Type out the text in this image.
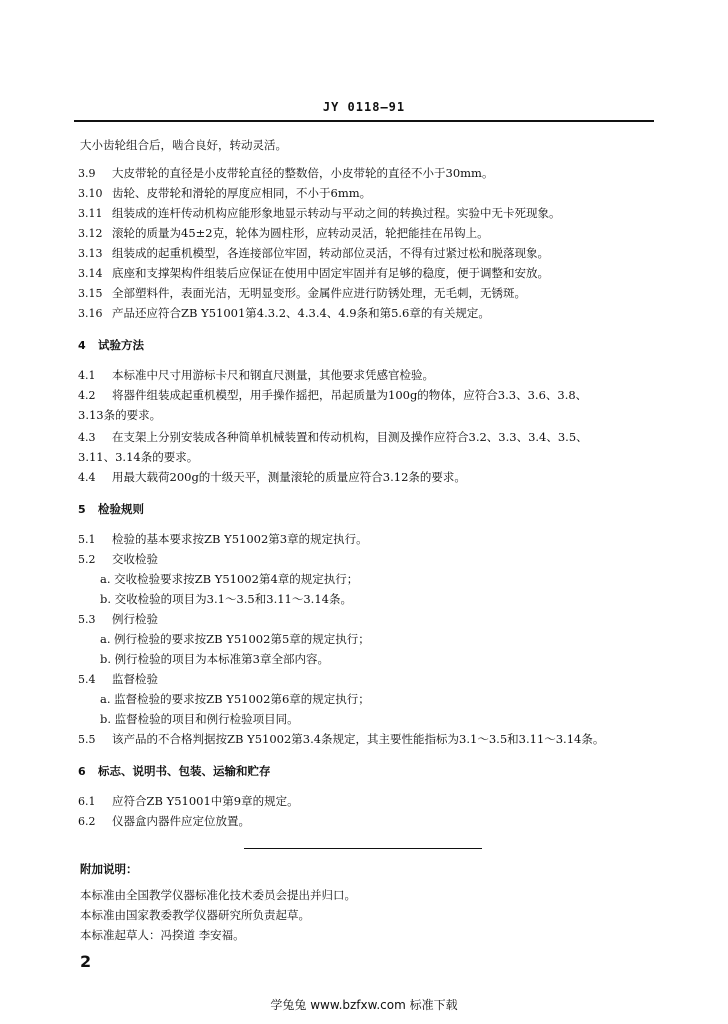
JY 0118—91
大小齿轮组合后，啮合良好，转动灵活。
3.9 大皮带轮的直径是小皮带轮直径的整数倍，小皮带轮的直径不小于30mm。
3.10 齿轮、皮带轮和滑轮的厚度应相同，不小于6mm。
3.11 组装成的连杆传动机构应能形象地显示转动与平动之间的转换过程。实验中无卡死现象。
3.12 滚轮的质量为45±2克，轮体为圆柱形，应转动灵活，轮把能挂在吊钩上。
3.13 组装成的起重机模型，各连接部位牢固，转动部位灵活，不得有过紧过松和脱落现象。
3.14 底座和支撑架构件组装后应保证在使用中固定牢固并有足够的稳度，便于调整和安放。
3.15 全部塑料件，表面光洁，无明显变形。金属件应进行防锈处理，无毛刺，无锈斑。
3.16 产品还应符合ZB Y51001第4.3.2、4.3.4、4.9条和第5.6章的有关规定。
4 试验方法
4.1 本标准中尺寸用游标卡尺和钢直尺测量，其他要求凭感官检验。
4.2 将器件组装成起重机模型，用手操作摇把，吊起质量为100g的物体，应符合3.3、3.6、3.8、
3.13条的要求。
4.3 在支架上分别安装成各种简单机械装置和传动机构，目测及操作应符合3.2、3.3、3.4、3.5、
3.11、3.14条的要求。
4.4 用最大载荷200g的十级天平，测量滚轮的质量应符合3.12条的要求。
5 检验规则
5.1 检验的基本要求按ZB Y51002第3章的规定执行。
5.2 交收检验
a. 交收检验要求按ZB Y51002第4章的规定执行；
b. 交收检验的项目为3.1～3.5和3.11～3.14条。
5.3 例行检验
a. 例行检验的要求按ZB Y51002第5章的规定执行；
b. 例行检验的项目为本标准第3章全部内容。
5.4 监督检验
a. 监督检验的要求按ZB Y51002第6章的规定执行；
b. 监督检验的项目和例行检验项目同。
5.5 该产品的不合格判据按ZB Y51002第3.4条规定，其主要性能指标为3.1～3.5和3.11～3.14条。
6 标志、说明书、包装、运输和贮存
6.1 应符合ZB Y51001中第9章的规定。
6.2 仪器盒内器件应定位放置。
附加说明：
本标准由全国教学仪器标准化技术委员会提出并归口。
本标准由国家教委教学仪器研究所负责起草。
本标准起草人：冯揆道 李安福。
2
学兔兔 www.bzfxw.com 标准下载
